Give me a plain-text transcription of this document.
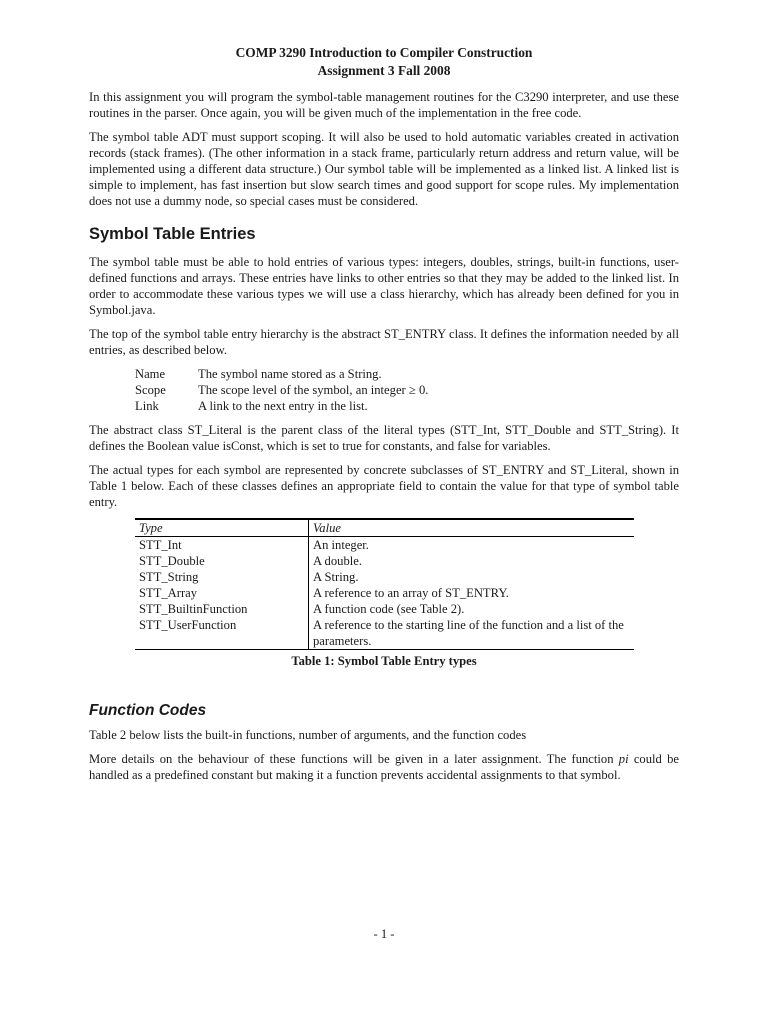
COMP 3290 Introduction to Compiler Construction
Assignment 3 Fall 2008

In this assignment you will program the symbol-table management routines for the C3290 interpreter, and use these routines in the parser. Once again, you will be given much of the implementation in the free code.

The symbol table ADT must support scoping. It will also be used to hold automatic variables created in activation records (stack frames). (The other information in a stack frame, particularly return address and return value, will be implemented using a different data structure.) Our symbol table will be implemented as a linked list. A linked list is simple to implement, has fast insertion but slow search times and good support for scope rules. My implementation does not use a dummy node, so special cases must be considered.

Symbol Table Entries

The symbol table must be able to hold entries of various types: integers, doubles, strings, built-in functions, user-defined functions and arrays. These entries have links to other entries so that they may be added to the linked list. In order to accommodate these various types we will use a class hierarchy, which has already been defined for you in Symbol.java.

The top of the symbol table entry hierarchy is the abstract ST_ENTRY class. It defines the information needed by all entries, as described below.

Name	The symbol name stored as a String.
Scope	The scope level of the symbol, an integer ≥ 0.
Link	A link to the next entry in the list.

The abstract class ST_Literal is the parent class of the literal types (STT_Int, STT_Double and STT_String). It defines the Boolean value isConst, which is set to true for constants, and false for variables.

The actual types for each symbol are represented by concrete subclasses of ST_ENTRY and ST_Literal, shown in Table 1 below. Each of these classes defines an appropriate field to contain the value for that type of symbol table entry.

Type	Value
STT_Int	An integer.
STT_Double	A double.
STT_String	A String.
STT_Array	A reference to an array of ST_ENTRY.
STT_BuiltinFunction	A function code (see Table 2).
STT_UserFunction	A reference to the starting line of the function and a list of the parameters.
Table 1: Symbol Table Entry types
Function Codes

Table 2 below lists the built-in functions, number of arguments, and the function codes

More details on the behaviour of these functions will be given in a later assignment. The function pi could be handled as a predefined constant but making it a function prevents accidental assignments to that symbol.

- 1 -
